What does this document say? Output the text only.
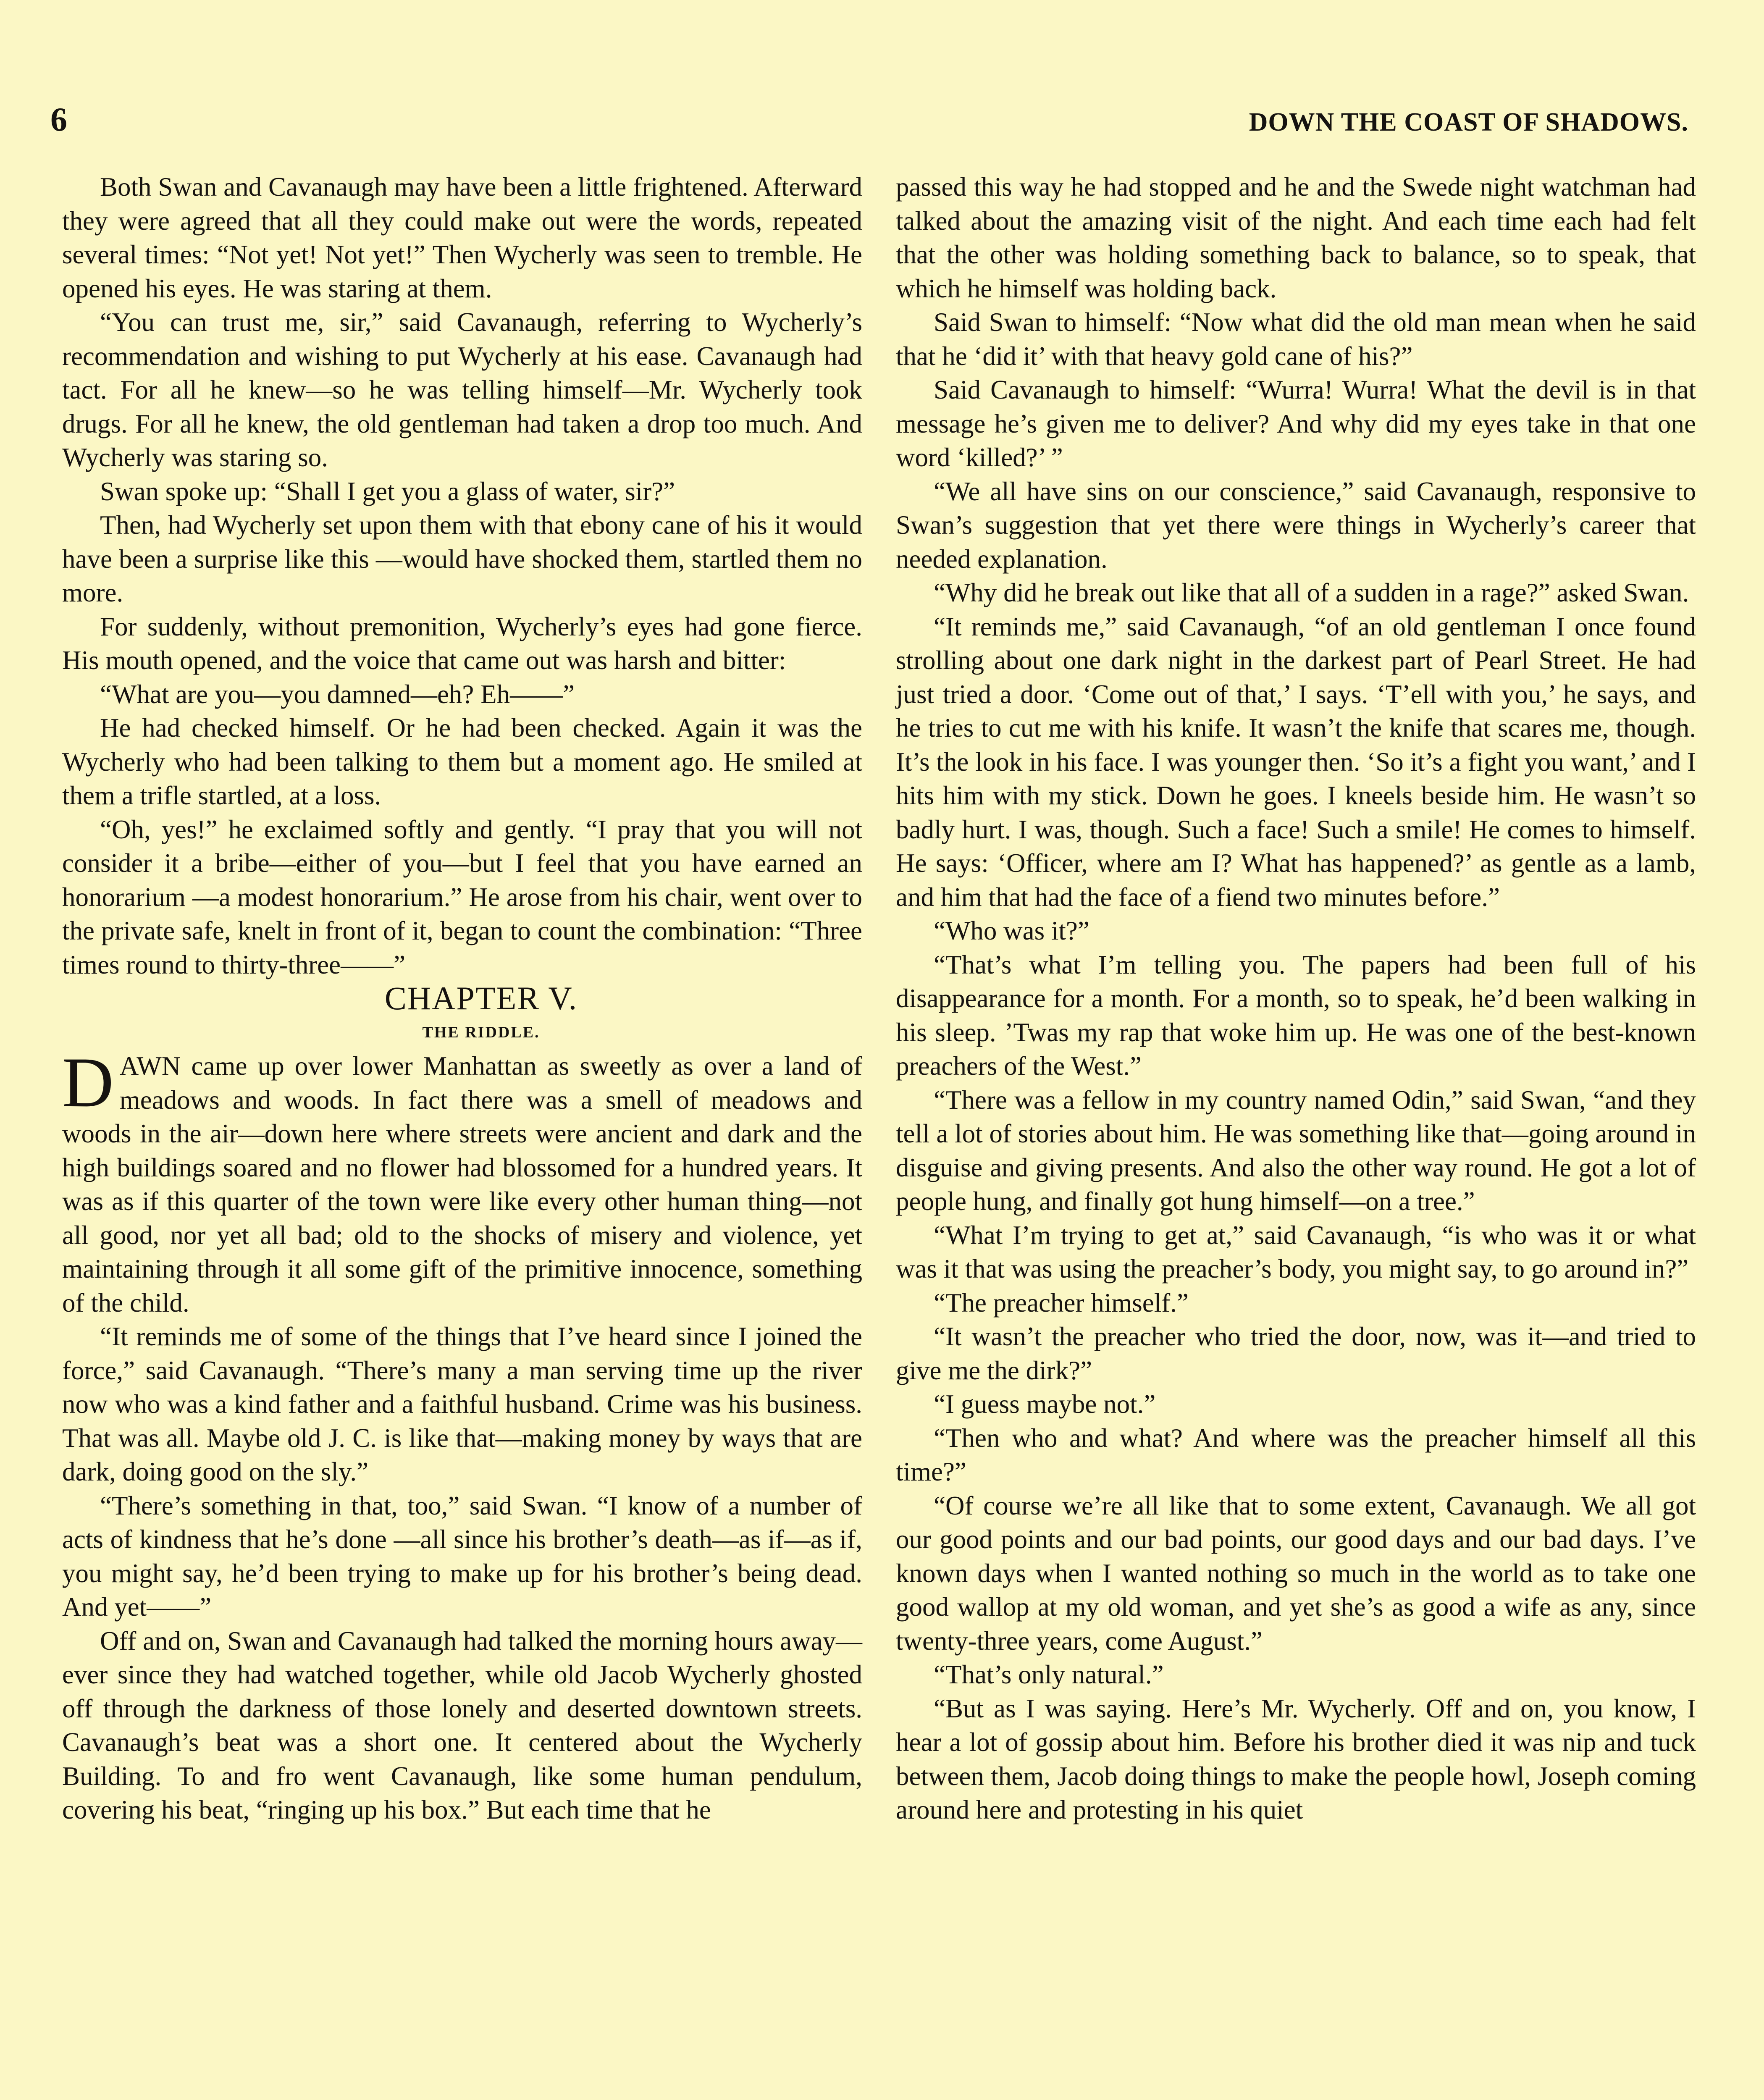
6	DOWN THE COAST OF SHADOWS.

Both Swan and Cavanaugh may have been a little frightened. Afterward they were agreed that all they could make out were the words, repeated several times: “Not yet! Not yet!” Then Wycherly was seen to tremble. He opened his eyes. He was staring at them.

“You can trust me, sir,” said Cavanaugh, referring to Wycherly’s recommendation and wishing to put Wycherly at his ease. Cavanaugh had tact. For all he knew—so he was telling himself—Mr. Wycherly took drugs. For all he knew, the old gentleman had taken a drop too much. And Wycherly was staring so.

Swan spoke up: “Shall I get you a glass of water, sir?”

Then, had Wycherly set upon them with that ebony cane of his it would have been a surprise like this —would have shocked them, startled them no more.

For suddenly, without premonition, Wycherly’s eyes had gone fierce. His mouth opened, and the voice that came out was harsh and bitter:

“What are you—you damned—eh? Eh——”

He had checked himself. Or he had been checked. Again it was the Wycherly who had been talking to them but a moment ago. He smiled at them a trifle startled, at a loss.

“Oh, yes!” he exclaimed softly and gently. “I pray that you will not consider it a bribe—either of you—but I feel that you have earned an honorarium —a modest honorarium.” He arose from his chair, went over to the private safe, knelt in front of it, began to count the combination: “Three times round to thirty-three——”

CHAPTER V.

THE RIDDLE.

DAWN came up over lower Manhattan as sweetly as over a land of meadows and woods. In fact there was a smell of meadows and woods in the air—down here where streets were ancient and dark and the high buildings soared and no flower had blossomed for a hundred years. It was as if this quarter of the town were like every other human thing—not all good, nor yet all bad; old to the shocks of misery and violence, yet maintaining through it all some gift of the primitive innocence, something of the child.

“It reminds me of some of the things that I’ve heard since I joined the force,” said Cavanaugh. “There’s many a man serving time up the river now who was a kind father and a faithful husband. Crime was his business. That was all. Maybe old J. C. is like that—making money by ways that are dark, doing good on the sly.”

“There’s something in that, too,” said Swan. “I know of a number of acts of kindness that he’s done —all since his brother’s death—as if—as if, you might say, he’d been trying to make up for his brother’s being dead. And yet——”

Off and on, Swan and Cavanaugh had talked the morning hours away—ever since they had watched together, while old Jacob Wycherly ghosted off through the darkness of those lonely and deserted downtown streets. Cavanaugh’s beat was a short one. It centered about the Wycherly Building. To and fro went Cavanaugh, like some human pendulum, covering his beat, “ringing up his box.” But each time that he

passed this way he had stopped and he and the Swede night watchman had talked about the amazing visit of the night. And each time each had felt that the other was holding something back to balance, so to speak, that which he himself was holding back.

Said Swan to himself: “Now what did the old man mean when he said that he ‘did it’ with that heavy gold cane of his?”

Said Cavanaugh to himself: “Wurra! Wurra! What the devil is in that message he’s given me to deliver? And why did my eyes take in that one word ‘killed?’ ”

“We all have sins on our conscience,” said Cavanaugh, responsive to Swan’s suggestion that yet there were things in Wycherly’s career that needed explanation.

“Why did he break out like that all of a sudden in a rage?” asked Swan.

“It reminds me,” said Cavanaugh, “of an old gentleman I once found strolling about one dark night in the darkest part of Pearl Street. He had just tried a door. ‘Come out of that,’ I says. ‘T’ell with you,’ he says, and he tries to cut me with his knife. It wasn’t the knife that scares me, though. It’s the look in his face. I was younger then. ‘So it’s a fight you want,’ and I hits him with my stick. Down he goes. I kneels beside him. He wasn’t so badly hurt. I was, though. Such a face! Such a smile! He comes to himself. He says: ‘Officer, where am I? What has happened?’ as gentle as a lamb, and him that had the face of a fiend two minutes before.”

“Who was it?”

“That’s what I’m telling you. The papers had been full of his disappearance for a month. For a month, so to speak, he’d been walking in his sleep. ’Twas my rap that woke him up. He was one of the best-known preachers of the West.”

“There was a fellow in my country named Odin,” said Swan, “and they tell a lot of stories about him. He was something like that—going around in disguise and giving presents. And also the other way round. He got a lot of people hung, and finally got hung himself—on a tree.”

“What I’m trying to get at,” said Cavanaugh, “is who was it or what was it that was using the preacher’s body, you might say, to go around in?”

“The preacher himself.”

“It wasn’t the preacher who tried the door, now, was it—and tried to give me the dirk?”

“I guess maybe not.”

“Then who and what? And where was the preacher himself all this time?”

“Of course we’re all like that to some extent, Cavanaugh. We all got our good points and our bad points, our good days and our bad days. I’ve known days when I wanted nothing so much in the world as to take one good wallop at my old woman, and yet she’s as good a wife as any, since twenty-three years, come August.”

“That’s only natural.”

“But as I was saying. Here’s Mr. Wycherly. Off and on, you know, I hear a lot of gossip about him. Before his brother died it was nip and tuck between them, Jacob doing things to make the people howl, Joseph coming around here and protesting in his quiet
